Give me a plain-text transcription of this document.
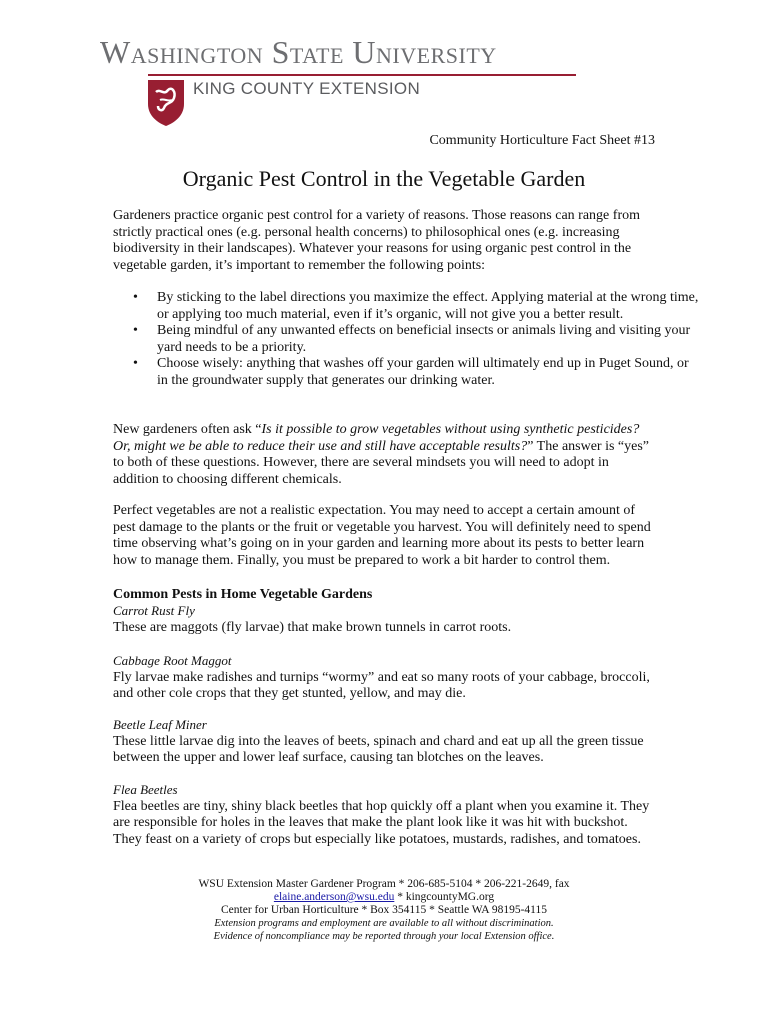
Washington State University
KING COUNTY EXTENSION
Community Horticulture Fact Sheet #13
Organic Pest Control in the Vegetable Garden
Gardeners practice organic pest control for a variety of reasons. Those reasons can range from strictly practical ones (e.g. personal health concerns) to philosophical ones (e.g. increasing biodiversity in their landscapes). Whatever your reasons for using organic pest control in the vegetable garden, it’s important to remember the following points:
• By sticking to the label directions you maximize the effect. Applying material at the wrong time, or applying too much material, even if it’s organic, will not give you a better result.
• Being mindful of any unwanted effects on beneficial insects or animals living and visiting your yard needs to be a priority.
• Choose wisely: anything that washes off your garden will ultimately end up in Puget Sound, or in the groundwater supply that generates our drinking water.
New gardeners often ask “Is it possible to grow vegetables without using synthetic pesticides? Or, might we be able to reduce their use and still have acceptable results?” The answer is “yes” to both of these questions. However, there are several mindsets you will need to adopt in addition to choosing different chemicals.
Perfect vegetables are not a realistic expectation. You may need to accept a certain amount of pest damage to the plants or the fruit or vegetable you harvest. You will definitely need to spend time observing what’s going on in your garden and learning more about its pests to better learn how to manage them. Finally, you must be prepared to work a bit harder to control them.
Common Pests in Home Vegetable Gardens
Carrot Rust Fly
These are maggots (fly larvae) that make brown tunnels in carrot roots.
Cabbage Root Maggot
Fly larvae make radishes and turnips “wormy” and eat so many roots of your cabbage, broccoli, and other cole crops that they get stunted, yellow, and may die.
Beetle Leaf Miner
These little larvae dig into the leaves of beets, spinach and chard and eat up all the green tissue between the upper and lower leaf surface, causing tan blotches on the leaves.
Flea Beetles
Flea beetles are tiny, shiny black beetles that hop quickly off a plant when you examine it. They are responsible for holes in the leaves that make the plant look like it was hit with buckshot. They feast on a variety of crops but especially like potatoes, mustards, radishes, and tomatoes.
WSU Extension Master Gardener Program * 206-685-5104 * 206-221-2649, fax
elaine.anderson@wsu.edu * kingcountyMG.org
Center for Urban Horticulture * Box 354115 * Seattle WA 98195-4115
Extension programs and employment are available to all without discrimination.
Evidence of noncompliance may be reported through your local Extension office.
